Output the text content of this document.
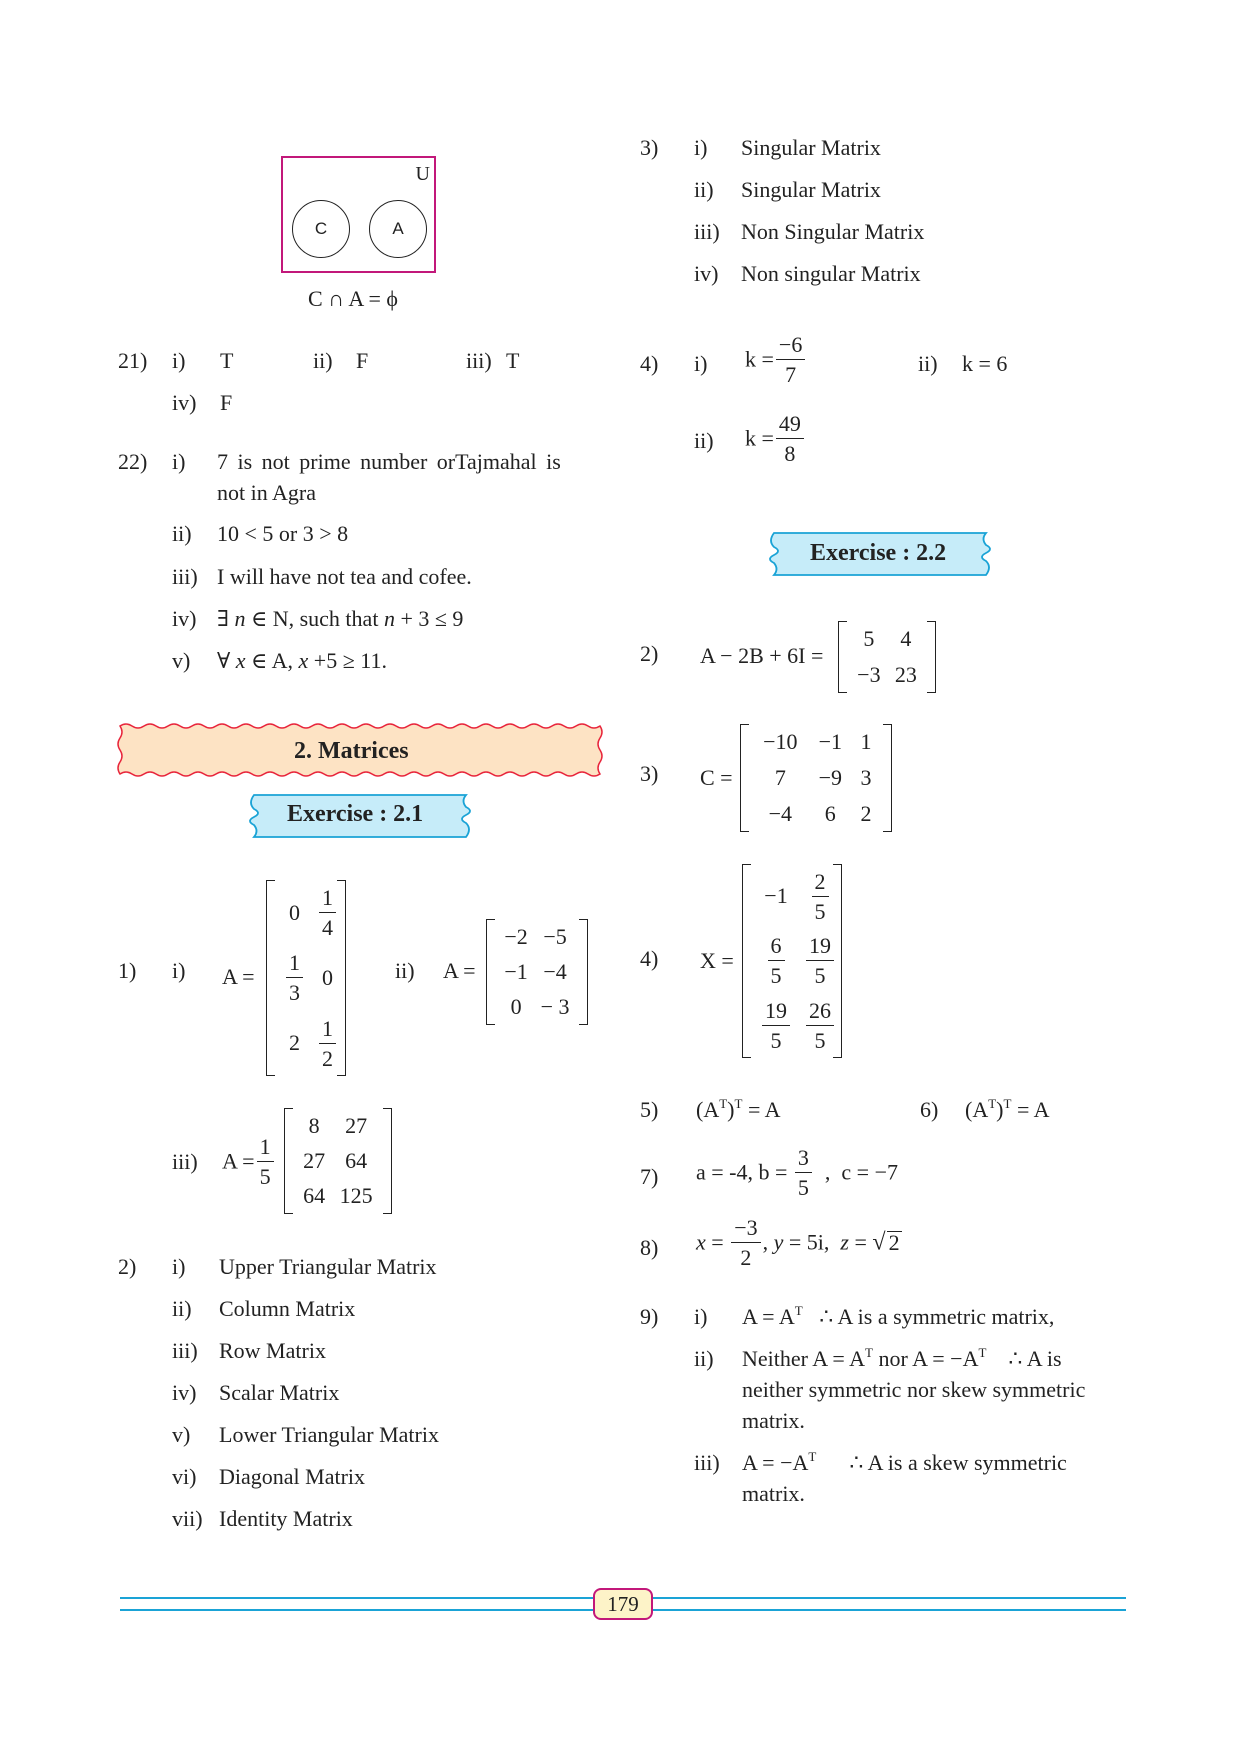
U
C	A
C ∩ A = ϕ
21) i) T	ii) F	iii) T
iv) F
22) i) 7 is not prime number orTajmahal is
not in Agra
ii) 10 < 5 or 3 > 8
iii) I will have not tea and cofee.
iv) ∃ n ∈ N, such that n + 3 ≤ 9
v) ∀ x ∈ A, x +5 ≥ 11.
2. Matrices
Exercise : 2.1
1) i) A =
0	$\frac{1}{4}$

$\frac{1}{3}$	0
2	$\frac{1}{2}$
ii) A =
−2	−5
−1	−4
0	− 3
iii) $A = \frac{1}{5}$
8	27
27	64
64	125
2) i) Upper Triangular Matrix
ii) Column Matrix
iii) Row Matrix
iv) Scalar Matrix
v) Lower Triangular Matrix
vi) Diagonal Matrix
vii) Identity Matrix
3) i) Singular Matrix
ii) Singular Matrix
iii) Non Singular Matrix
iv) Non singular Matrix
4) i) $k = \frac{-6}{7}$	ii) k = 6
ii) $k = \frac{49}{8}$
Exercise : 2.2
2) A − 2B + 6I =
5	4
−3	23
3) C =
−10	−1	1
7	−9	3
−4	6	2
4) X =
−1	$\frac{2}{5}$

$\frac{6}{5}$	$\frac{19}{5}$

$\frac{19}{5}$	$\frac{26}{5}$
5) $(A^T)^T = A$	6) $(A^T)^T = A$
7) a = -4, $b = \frac{3}{5}$ ,  c = −7
8) $x = \frac{-3}{2}$ , y = 5i,  z = √ 2
9) i) $A = A^T$   ∴ A is a symmetric matrix,
ii) Neither $A = A^T$ nor $A = -A^T$    ∴ A is
neither symmetric nor skew symmetric
matrix.
iii) $A = -A^T$      ∴ A is a skew symmetric
matrix.
179
